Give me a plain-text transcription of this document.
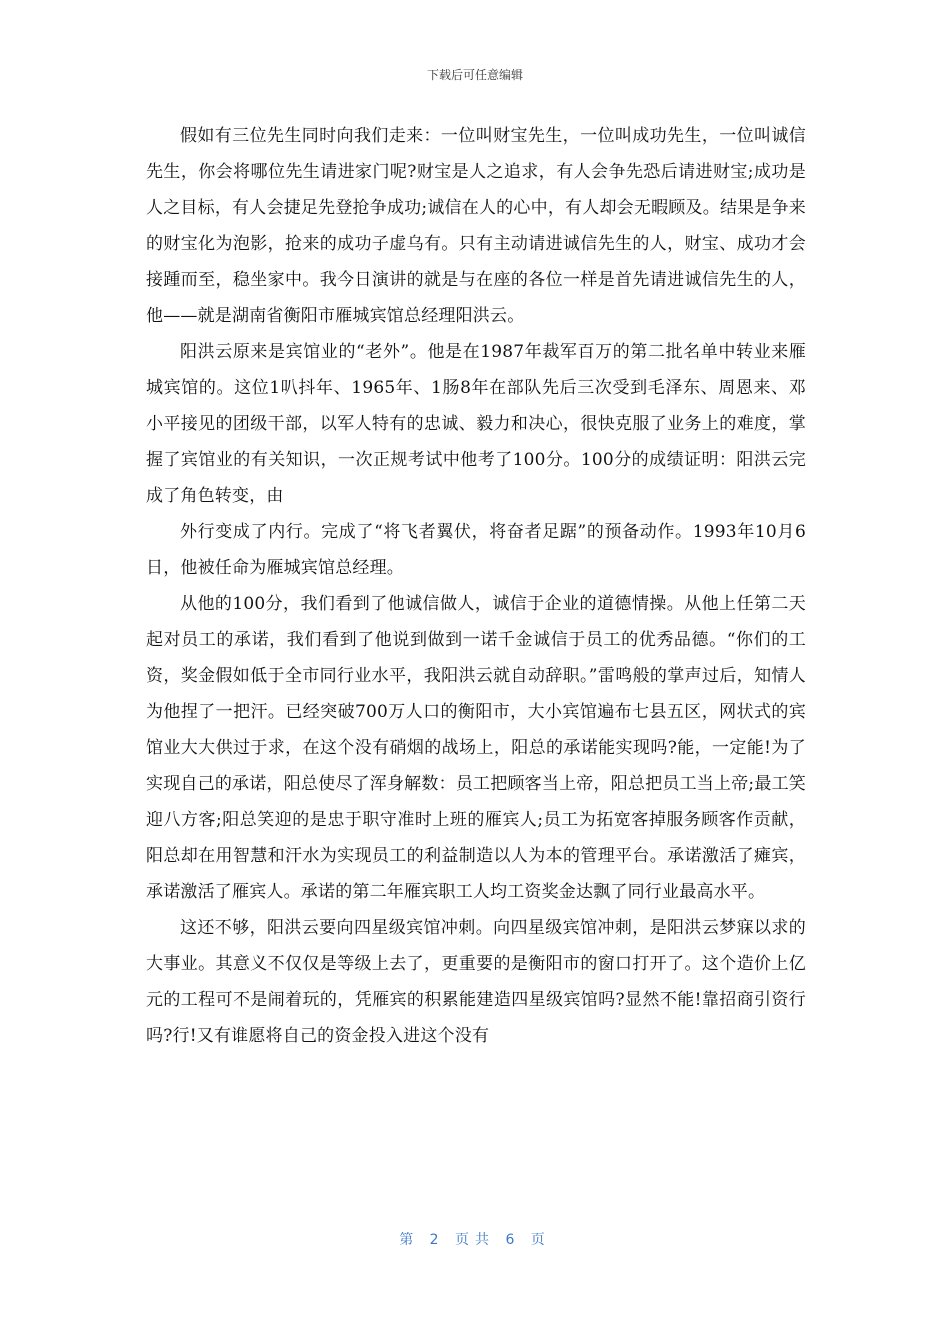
下载后可任意编辑

假如有三位先生同时向我们走来：一位叫财宝先生，一位叫成功先生，一位叫诚信先生，你会将哪位先生请进家门呢?财宝是人之追求，有人会争先恐后请进财宝;成功是人之目标，有人会捷足先登抢争成功;诚信在人的心中，有人却会无暇顾及。结果是争来的财宝化为泡影，抢来的成功子虚乌有。只有主动请进诚信先生的人，财宝、成功才会接踵而至，稳坐家中。我今日演讲的就是与在座的各位一样是首先请进诚信先生的人，他——就是湖南省衡阳市雁城宾馆总经理阳洪云。

阳洪云原来是宾馆业的“老外”。他是在1987年裁军百万的第二批名单中转业来雁城宾馆的。这位1叭抖年、1965年、1肠8年在部队先后三次受到毛泽东、周恩来、邓小平接见的团级干部，以军人特有的忠诚、毅力和决心，很快克服了业务上的难度，掌握了宾馆业的有关知识，一次正规考试中他考了100分。100分的成绩证明：阳洪云完成了角色转变，由

外行变成了内行。完成了“将飞者翼伏，将奋者足踞”的预备动作。1993年10月6日，他被任命为雁城宾馆总经理。

从他的100分，我们看到了他诚信做人，诚信于企业的道德情操。从他上任第二天起对员工的承诺，我们看到了他说到做到一诺千金诚信于员工的优秀品德。“你们的工资，奖金假如低于全市同行业水平，我阳洪云就自动辞职。”雷鸣般的掌声过后，知情人为他捏了一把汗。已经突破700万人口的衡阳市，大小宾馆遍布七县五区，网状式的宾馆业大大供过于求，在这个没有硝烟的战场上，阳总的承诺能实现吗?能，一定能!为了实现自己的承诺，阳总使尽了浑身解数：员工把顾客当上帝，阳总把员工当上帝;最工笑迎八方客;阳总笑迎的是忠于职守准时上班的雁宾人;员工为拓宽客掉服务顾客作贡献，阳总却在用智慧和汗水为实现员工的利益制造以人为本的管理平台。承诺激活了瘫宾，承诺激活了雁宾人。承诺的第二年雁宾职工人均工资奖金达飘了同行业最高水平。

这还不够，阳洪云要向四星级宾馆冲刺。向四星级宾馆冲刺，是阳洪云梦寐以求的大事业。其意义不仅仅是等级上去了，更重要的是衡阳市的窗口打开了。这个造价上亿元的工程可不是闹着玩的，凭雁宾的积累能建造四星级宾馆吗?显然不能!靠招商引资行吗?行!又有谁愿将自己的资金投入进这个没有

第 2 页共 6 页
